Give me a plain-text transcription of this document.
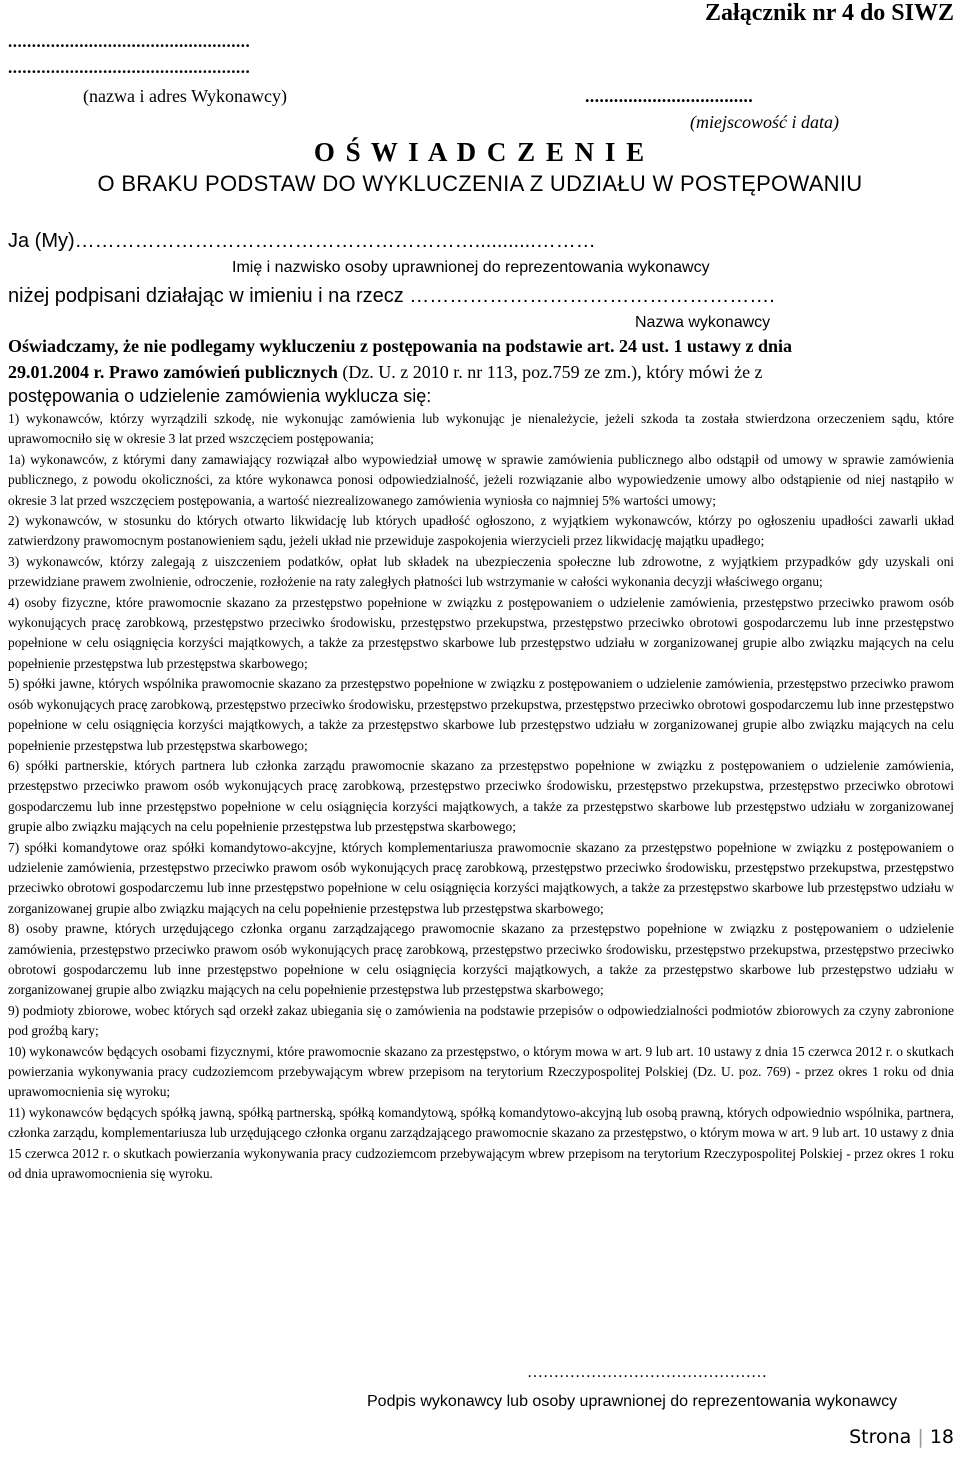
Załącznik nr 4 do SIWZ
...................................................
...................................................
(nazwa i adres Wykonawcy)	...................................
(miejscowość i data)
O Ś W I A D C Z E N I E
O BRAKU PODSTAW DO WYKLUCZENIA Z UDZIAŁU W POSTĘPOWANIU
Ja (My)……………………………………………………...........………
Imię i nazwisko osoby uprawnionej do reprezentowania wykonawcy
niżej podpisani działając w imieniu i na rzecz ……………………………………………….
Nazwa wykonawcy
Oświadczamy, że nie podlegamy wykluczeniu z postępowania na podstawie art. 24 ust. 1 ustawy z dnia
29.01.2004 r. Prawo zamówień publicznych (Dz. U. z 2010 r. nr 113, poz.759 ze zm.), który mówi że z
postępowania o udzielenie zamówienia wyklucza się:

1) wykonawców, którzy wyrządzili szkodę, nie wykonując zamówienia lub wykonując je nienależycie, jeżeli szkoda ta została stwierdzona orzeczeniem sądu, które uprawomocniło się w okresie 3 lat przed wszczęciem postępowania;

1a) wykonawców, z którymi dany zamawiający rozwiązał albo wypowiedział umowę w sprawie zamówienia publicznego albo odstąpił od umowy w sprawie zamówienia publicznego, z powodu okoliczności, za które wykonawca ponosi odpowiedzialność, jeżeli rozwiązanie albo wypowiedzenie umowy albo odstąpienie od niej nastąpiło w okresie 3 lat przed wszczęciem postępowania, a wartość niezrealizowanego zamówienia wyniosła co najmniej 5% wartości umowy;

2) wykonawców, w stosunku do których otwarto likwidację lub których upadłość ogłoszono, z wyjątkiem wykonawców, którzy po ogłoszeniu upadłości zawarli układ zatwierdzony prawomocnym postanowieniem sądu, jeżeli układ nie przewiduje zaspokojenia wierzycieli przez likwidację majątku upadłego;

3) wykonawców, którzy zalegają z uiszczeniem podatków, opłat lub składek na ubezpieczenia społeczne lub zdrowotne, z wyjątkiem przypadków gdy uzyskali oni przewidziane prawem zwolnienie, odroczenie, rozłożenie na raty zaległych płatności lub wstrzymanie w całości wykonania decyzji właściwego organu;

4) osoby fizyczne, które prawomocnie skazano za przestępstwo popełnione w związku z postępowaniem o udzielenie zamówienia, przestępstwo przeciwko prawom osób wykonujących pracę zarobkową, przestępstwo przeciwko środowisku, przestępstwo przekupstwa, przestępstwo przeciwko obrotowi gospodarczemu lub inne przestępstwo popełnione w celu osiągnięcia korzyści majątkowych, a także za przestępstwo skarbowe lub przestępstwo udziału w zorganizowanej grupie albo związku mających na celu popełnienie przestępstwa lub przestępstwa skarbowego;

5) spółki jawne, których wspólnika prawomocnie skazano za przestępstwo popełnione w związku z postępowaniem o udzielenie zamówienia, przestępstwo przeciwko prawom osób wykonujących pracę zarobkową, przestępstwo przeciwko środowisku, przestępstwo przekupstwa, przestępstwo przeciwko obrotowi gospodarczemu lub inne przestępstwo popełnione w celu osiągnięcia korzyści majątkowych, a także za przestępstwo skarbowe lub przestępstwo udziału w zorganizowanej grupie albo związku mających na celu popełnienie przestępstwa lub przestępstwa skarbowego;

6) spółki partnerskie, których partnera lub członka zarządu prawomocnie skazano za przestępstwo popełnione w związku z postępowaniem o udzielenie zamówienia, przestępstwo przeciwko prawom osób wykonujących pracę zarobkową, przestępstwo przeciwko środowisku, przestępstwo przekupstwa, przestępstwo przeciwko obrotowi gospodarczemu lub inne przestępstwo popełnione w celu osiągnięcia korzyści majątkowych, a także za przestępstwo skarbowe lub przestępstwo udziału w zorganizowanej grupie albo związku mających na celu popełnienie przestępstwa lub przestępstwa skarbowego;

7) spółki komandytowe oraz spółki komandytowo-akcyjne, których komplementariusza prawomocnie skazano za przestępstwo popełnione w związku z postępowaniem o udzielenie zamówienia, przestępstwo przeciwko prawom osób wykonujących pracę zarobkową, przestępstwo przeciwko środowisku, przestępstwo przekupstwa, przestępstwo przeciwko obrotowi gospodarczemu lub inne przestępstwo popełnione w celu osiągnięcia korzyści majątkowych, a także za przestępstwo skarbowe lub przestępstwo udziału w zorganizowanej grupie albo związku mających na celu popełnienie przestępstwa lub przestępstwa skarbowego;

8) osoby prawne, których urzędującego członka organu zarządzającego prawomocnie skazano za przestępstwo popełnione w związku z postępowaniem o udzielenie zamówienia, przestępstwo przeciwko prawom osób wykonujących pracę zarobkową, przestępstwo przeciwko środowisku, przestępstwo przekupstwa, przestępstwo przeciwko obrotowi gospodarczemu lub inne przestępstwo popełnione w celu osiągnięcia korzyści majątkowych, a także za przestępstwo skarbowe lub przestępstwo udziału w zorganizowanej grupie albo związku mających na celu popełnienie przestępstwa lub przestępstwa skarbowego;

9) podmioty zbiorowe, wobec których sąd orzekł zakaz ubiegania się o zamówienia na podstawie przepisów o odpowiedzialności podmiotów zbiorowych za czyny zabronione pod groźbą kary;

10) wykonawców będących osobami fizycznymi, które prawomocnie skazano za przestępstwo, o którym mowa w art. 9 lub art. 10 ustawy z dnia 15 czerwca 2012 r. o skutkach powierzania wykonywania pracy cudzoziemcom przebywającym wbrew przepisom na terytorium Rzeczypospolitej Polskiej (Dz. U. poz. 769) - przez okres 1 roku od dnia uprawomocnienia się wyroku;

11) wykonawców będących spółką jawną, spółką partnerską, spółką komandytową, spółką komandytowo-akcyjną lub osobą prawną, których odpowiednio wspólnika, partnera, członka zarządu, komplementariusza lub urzędującego członka organu zarządzającego prawomocnie skazano za przestępstwo, o którym mowa w art. 9 lub art. 10 ustawy z dnia 15 czerwca 2012 r. o skutkach powierzania wykonywania pracy cudzoziemcom przebywającym wbrew przepisom na terytorium Rzeczypospolitej Polskiej - przez okres 1 roku od dnia uprawomocnienia się wyroku.

………………………………………
Podpis wykonawcy lub osoby uprawnionej do reprezentowania wykonawcy
Strona | 18
